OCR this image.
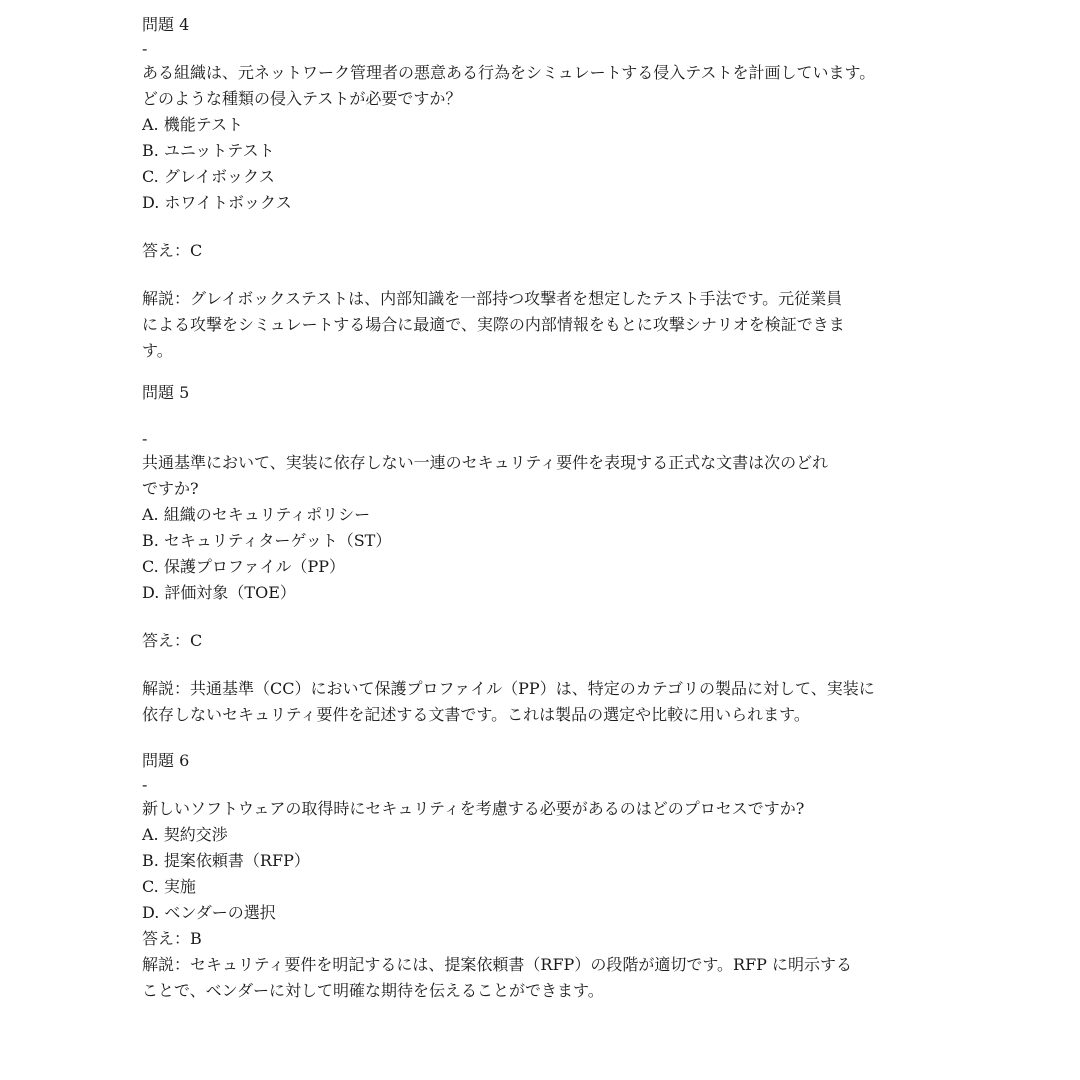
問題 4

-

ある組織は、元ネットワーク管理者の悪意ある行為をシミュレートする侵入テストを計画しています。

どのような種類の侵入テストが必要ですか？

A. 機能テスト

B. ユニットテスト

C. グレイボックス

D. ホワイトボックス

答え：C

解説：グレイボックステストは、内部知識を一部持つ攻撃者を想定したテスト手法です。元従業員

による攻撃をシミュレートする場合に最適で、実際の内部情報をもとに攻撃シナリオを検証できま

す。

問題 5

-

共通基準において、実装に依存しない一連のセキュリティ要件を表現する正式な文書は次のどれ

ですか?

A. 組織のセキュリティポリシー

B. セキュリティターゲット（ST）

C. 保護プロファイル（PP）

D. 評価対象（TOE）

答え：C

解説：共通基準（CC）において保護プロファイル（PP）は、特定のカテゴリの製品に対して、実装に

依存しないセキュリティ要件を記述する文書です。これは製品の選定や比較に用いられます。

問題 6

-

新しいソフトウェアの取得時にセキュリティを考慮する必要があるのはどのプロセスですか?

A. 契約交渉

B. 提案依頼書（RFP）

C. 実施

D. ベンダーの選択

答え：B

解説：セキュリティ要件を明記するには、提案依頼書（RFP）の段階が適切です。RFP に明示する

ことで、ベンダーに対して明確な期待を伝えることができます。
